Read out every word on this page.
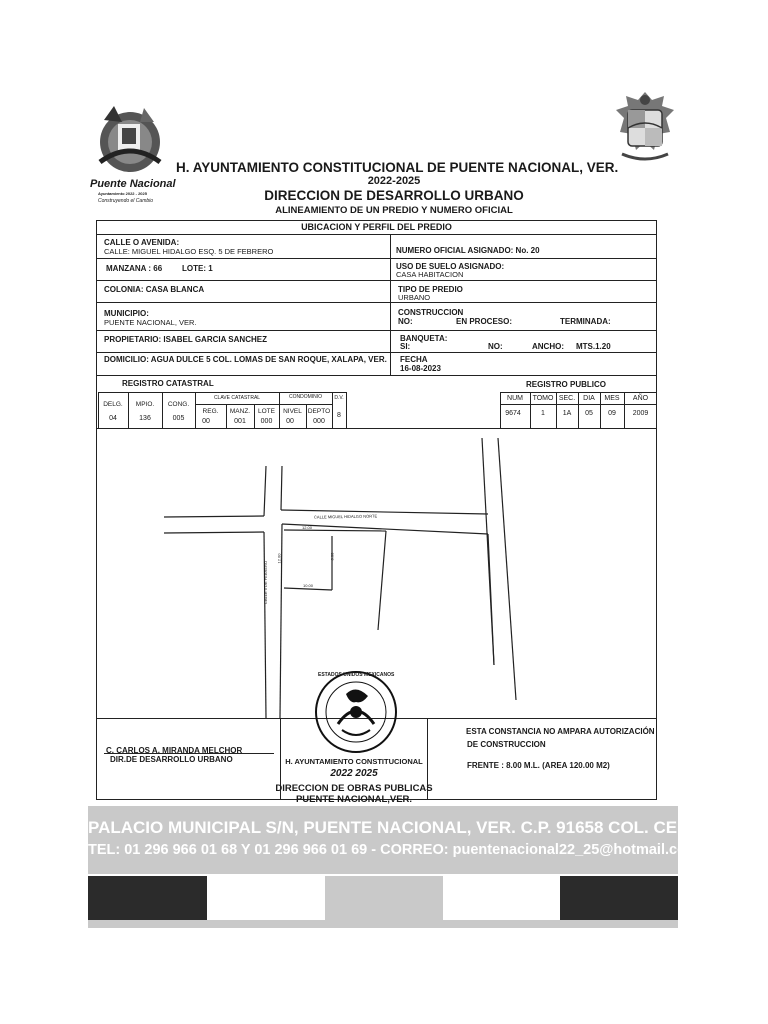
Puente Nacional
Ayuntamiento 2022 - 2025
Construyendo el Cambio
H. AYUNTAMIENTO CONSTITUCIONAL DE PUENTE NACIONAL, VER.
2022-2025
DIRECCION DE DESARROLLO URBANO
ALINEAMIENTO DE UN PREDIO Y NUMERO OFICIAL
UBICACION Y PERFIL DEL PREDIO
CALLE O AVENIDA:
CALLE: MIGUEL HIDALGO ESQ. 5 DE FEBRERO	NUMERO OFICIAL ASIGNADO: No. 20
MANZANA : 66 LOTE: 1	USO DE SUELO ASIGNADO:
CASA HABITACION
COLONIA: CASA BLANCA	TIPO DE PREDIO
URBANO
MUNICIPIO:
PUENTE NACIONAL, VER.
CONSTRUCCION
NO:	EN PROCESO:	TERMINADA:
PROPIETARIO: ISABEL GARCIA SANCHEZ	BANQUETA:
SI:	NO:	ANCHO: MTS.1.20
DOMICILIO: AGUA DULCE 5 COL. LOMAS DE SAN ROQUE, XALAPA, VER. FECHA
16-08-2023
REGISTRO CATASTRAL	REGISTRO PUBLICO
DELG.	MPIO.	CONG.
04	136	005
CLAVE CATASTRAL	CONDOMINIO	D.V.
REG.	MANZ.	LOTE	NIVEL DEPTO
00	001	000	00	000
8
NUM	TOMO SEC.	DIA	MES	AÑO
9674	1	1A	05	09	2009
CALLE MIGUEL HIDALGO NORTE
CALLE 5 DE FEBRERO
12.00
10.00
8.00
12.00
C. CARLOS A. MIRANDA MELCHOR
DIR.DE DESARROLLO URBANO
ESTADOS UNIDOS MEXICANOS
H. AYUNTAMIENTO CONSTITUCIONAL
2022 2025
DIRECCION DE OBRAS PUBLICAS
PUENTE NACIONAL,VER.
ESTA CONSTANCIA NO AMPARA AUTORIZACIÓN
DE CONSTRUCCION
FRENTE : 8.00 M.L. (AREA 120.00 M2)
PALACIO MUNICIPAL S/N, PUENTE NACIONAL, VER. C.P. 91658 COL. CENTRO
TEL: 01 296 966 01 68 Y 01 296 966 01 69 - CORREO: puentenacional22_25@hotmail.com
